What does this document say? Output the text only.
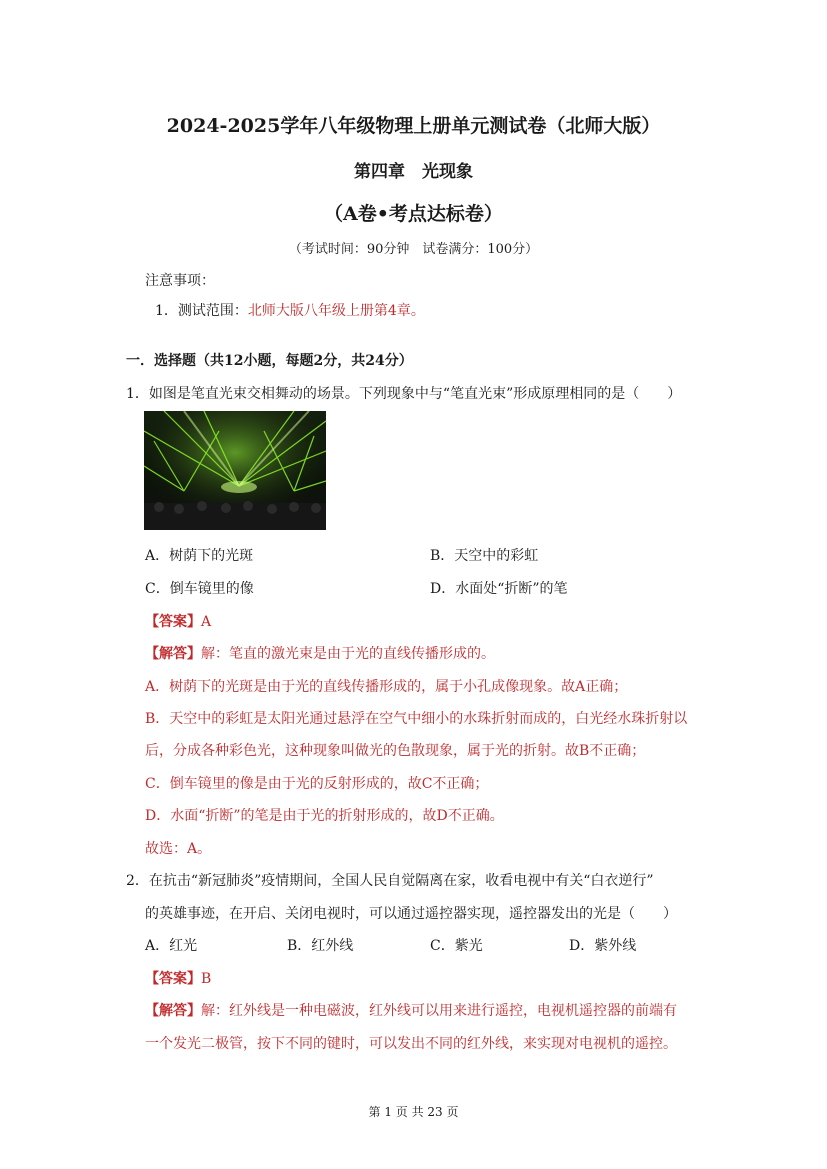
2024-2025学年八年级物理上册单元测试卷（北师大版）
第四章　光现象
（A卷•考点达标卷）
（考试时间：90分钟　试卷满分：100分）
注意事项：
1．测试范围：北师大版八年级上册第4章。
一．选择题（共12小题，每题2分，共24分）
1．如图是笔直光束交相舞动的场景。下列现象中与“笔直光束”形成原理相同的是（　　）
A．树荫下的光斑	B．天空中的彩虹
C．倒车镜里的像	D．水面处“折断”的笔
【答案】A
【解答】解：笔直的激光束是由于光的直线传播形成的。
A．树荫下的光斑是由于光的直线传播形成的，属于小孔成像现象。故A正确；
B．天空中的彩虹是太阳光通过悬浮在空气中细小的水珠折射而成的，白光经水珠折射以
后，分成各种彩色光，这种现象叫做光的色散现象，属于光的折射。故B不正确；
C．倒车镜里的像是由于光的反射形成的，故C不正确；
D．水面“折断”的笔是由于光的折射形成的，故D不正确。
故选：A。
2．在抗击“新冠肺炎”疫情期间，全国人民自觉隔离在家，收看电视中有关“白衣逆行”
的英雄事迹，在开启、关闭电视时，可以通过遥控器实现，遥控器发出的光是（　　）
A．红光	B．红外线	C．紫光	D．紫外线
【答案】B
【解答】解：红外线是一种电磁波，红外线可以用来进行遥控，电视机遥控器的前端有
一个发光二极管，按下不同的键时，可以发出不同的红外线，来实现对电视机的遥控。
第 1 页 共 23 页
